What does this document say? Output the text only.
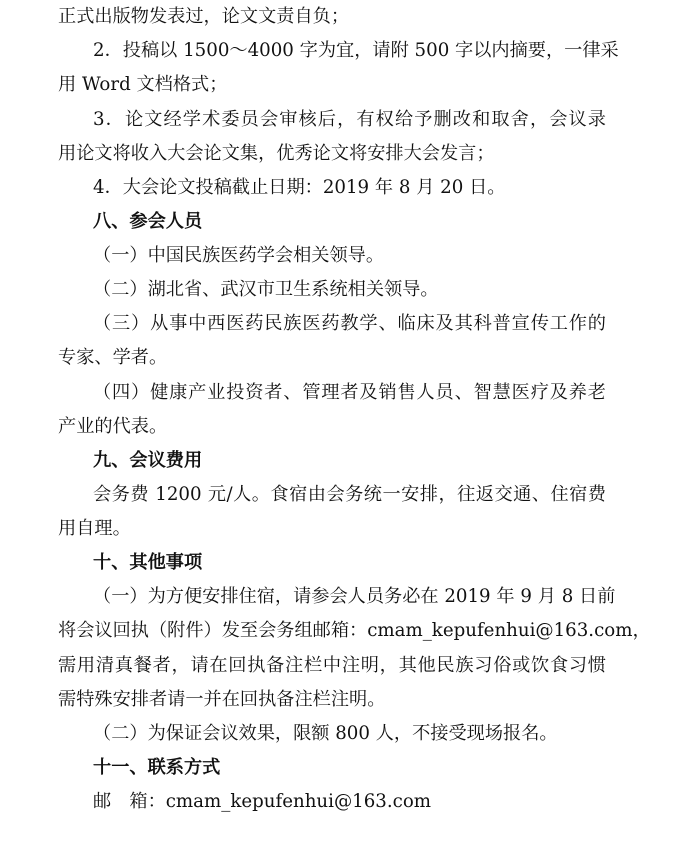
正式出版物发表过，论文文责自负；
2．投稿以 1500～4000 字为宜，请附 500 字以内摘要，一律采
用 Word 文档格式；
3．论文经学术委员会审核后，有权给予删改和取舍，会议录
用论文将收入大会论文集，优秀论文将安排大会发言；
4．大会论文投稿截止日期：2019 年 8 月 20 日。
八、参会人员
（一）中国民族医药学会相关领导。
（二）湖北省、武汉市卫生系统相关领导。
（三）从事中西医药民族医药教学、临床及其科普宣传工作的
专家、学者。
（四）健康产业投资者、管理者及销售人员、智慧医疗及养老
产业的代表。
九、会议费用
会务费 1200 元/人。食宿由会务统一安排，往返交通、住宿费
用自理。
十、其他事项
（一）为方便安排住宿，请参会人员务必在 2019 年 9 月 8 日前
将会议回执（附件）发至会务组邮箱：cmam_kepufenhui@163.com，
需用清真餐者，请在回执备注栏中注明，其他民族习俗或饮食习惯
需特殊安排者请一并在回执备注栏注明。
（二）为保证会议效果，限额 800 人，不接受现场报名。
十一、联系方式
邮　箱：cmam_kepufenhui@163.com
